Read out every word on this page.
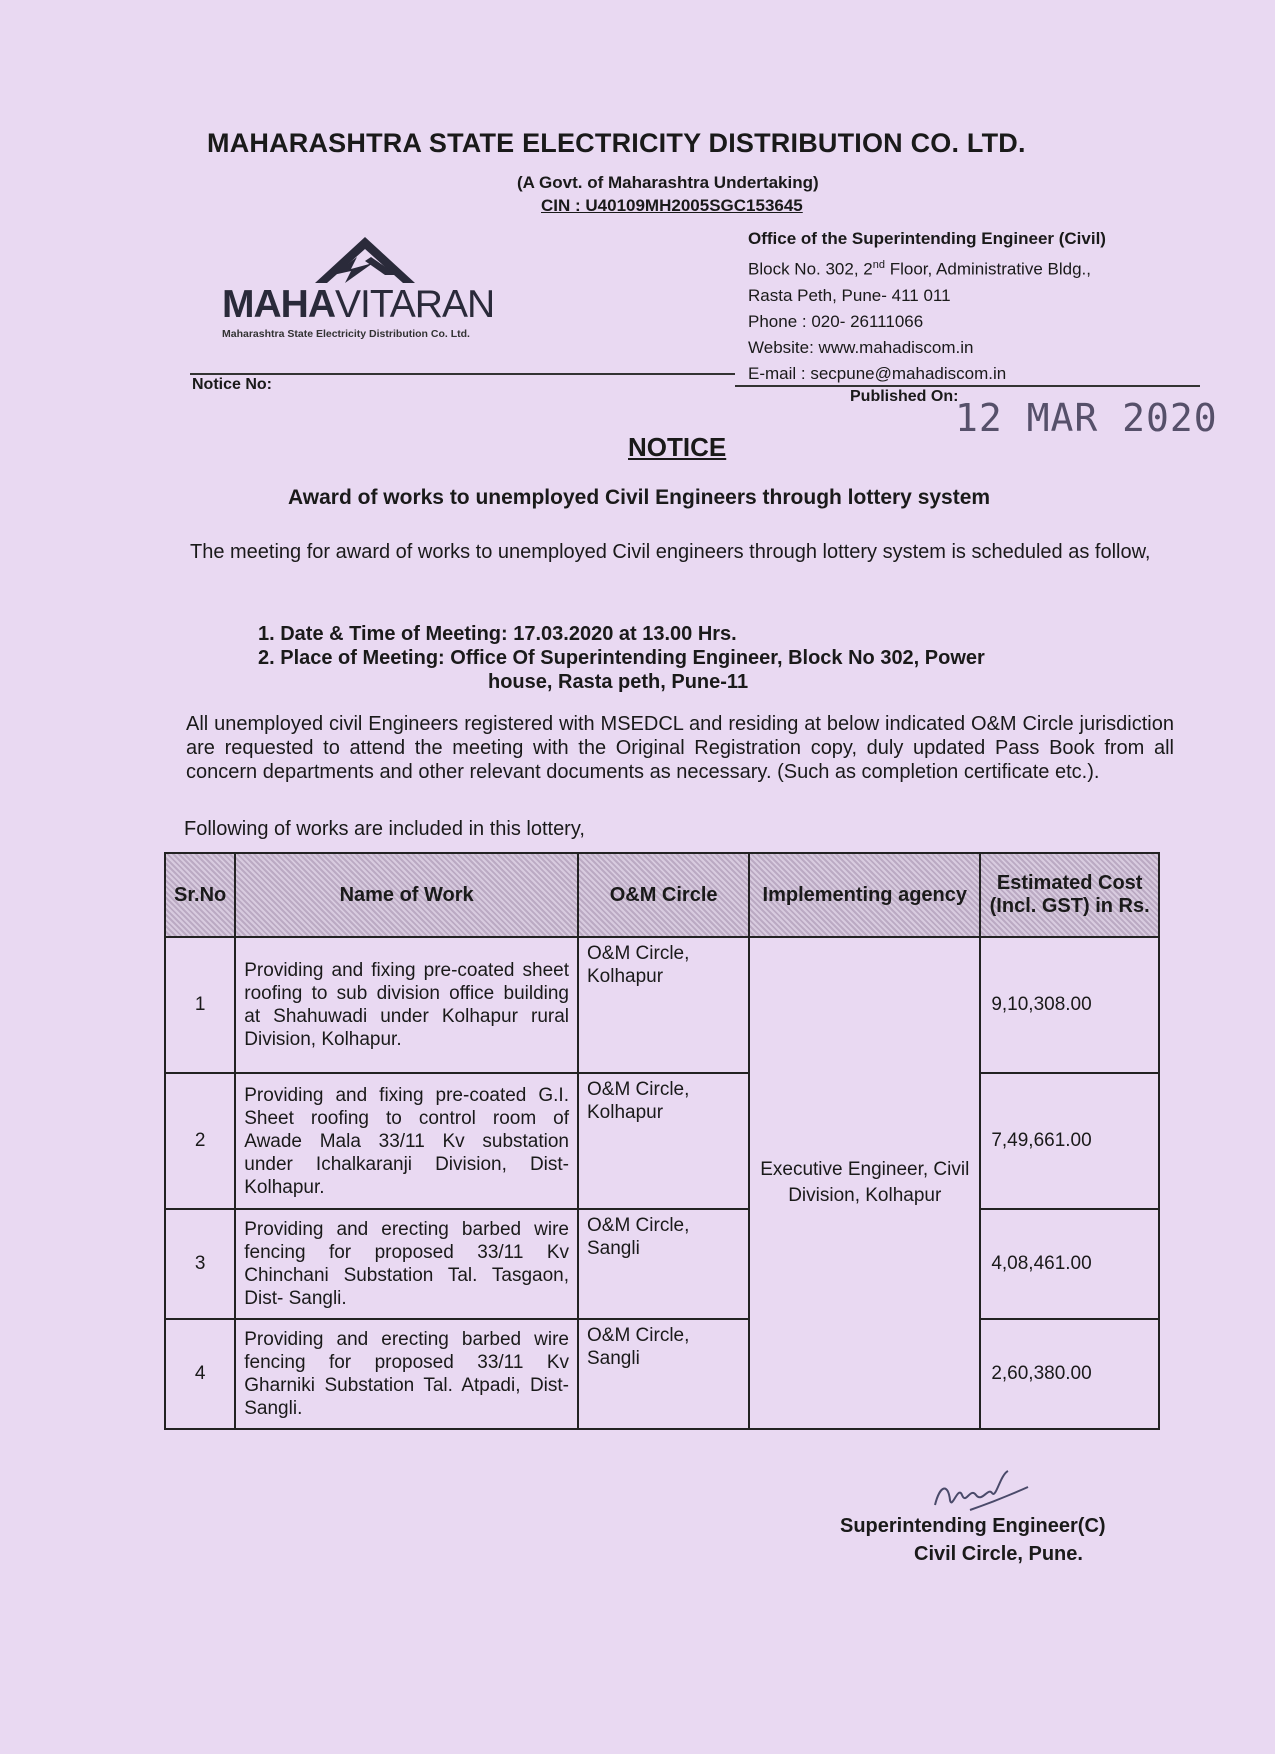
MAHARASHTRA STATE ELECTRICITY DISTRIBUTION CO. LTD.
(A Govt. of Maharashtra Undertaking)
CIN : U40109MH2005SGC153645
MAHAVITARAN
Maharashtra State Electricity Distribution Co. Ltd.
Office of the Superintending Engineer (Civil)
Block No. 302, 2nd Floor, Administrative Bldg.,
Rasta Peth, Pune- 411 011
Phone : 020- 26111066
Website: www.mahadiscom.in
E-mail : secpune@mahadiscom.in
Notice No:
Published On:
12 MAR 2020
NOTICE
Award of works to unemployed Civil Engineers through lottery system
The meeting for award of works to unemployed Civil engineers through lottery system is scheduled as follow,
1. Date & Time of Meeting: 17.03.2020 at 13.00 Hrs.
2. Place of Meeting: Office Of Superintending Engineer, Block No 302, Power
house, Rasta peth, Pune-11
All unemployed civil Engineers registered with MSEDCL and residing at below indicated O&M Circle jurisdiction are requested to attend the meeting with the Original Registration copy, duly updated Pass Book from all concern departments and other relevant documents as necessary. (Such as completion certificate etc.).
Following of works are included in this lottery,
Sr.No	Name of Work	O&M Circle	Implementing agency	Estimated Cost (Incl. GST) in Rs.
1	Providing and fixing pre-coated sheet roofing to sub division office building at Shahuwadi under Kolhapur rural Division, Kolhapur.	O&M Circle, Kolhapur	Executive Engineer, Civil Division, Kolhapur	9,10,308.00
2	Providing and fixing pre-coated G.I. Sheet roofing to control room of Awade Mala 33/11 Kv substation under Ichalkaranji Division, Dist- Kolhapur.	O&M Circle, Kolhapur		7,49,661.00
3	Providing and erecting barbed wire fencing for proposed 33/11 Kv Chinchani Substation Tal. Tasgaon, Dist- Sangli.	O&M Circle, Sangli		4,08,461.00
4	Providing and erecting barbed wire fencing for proposed 33/11 Kv Gharniki Substation Tal. Atpadi, Dist- Sangli.	O&M Circle, Sangli		2,60,380.00
Superintending Engineer(C)
Civil Circle, Pune.
